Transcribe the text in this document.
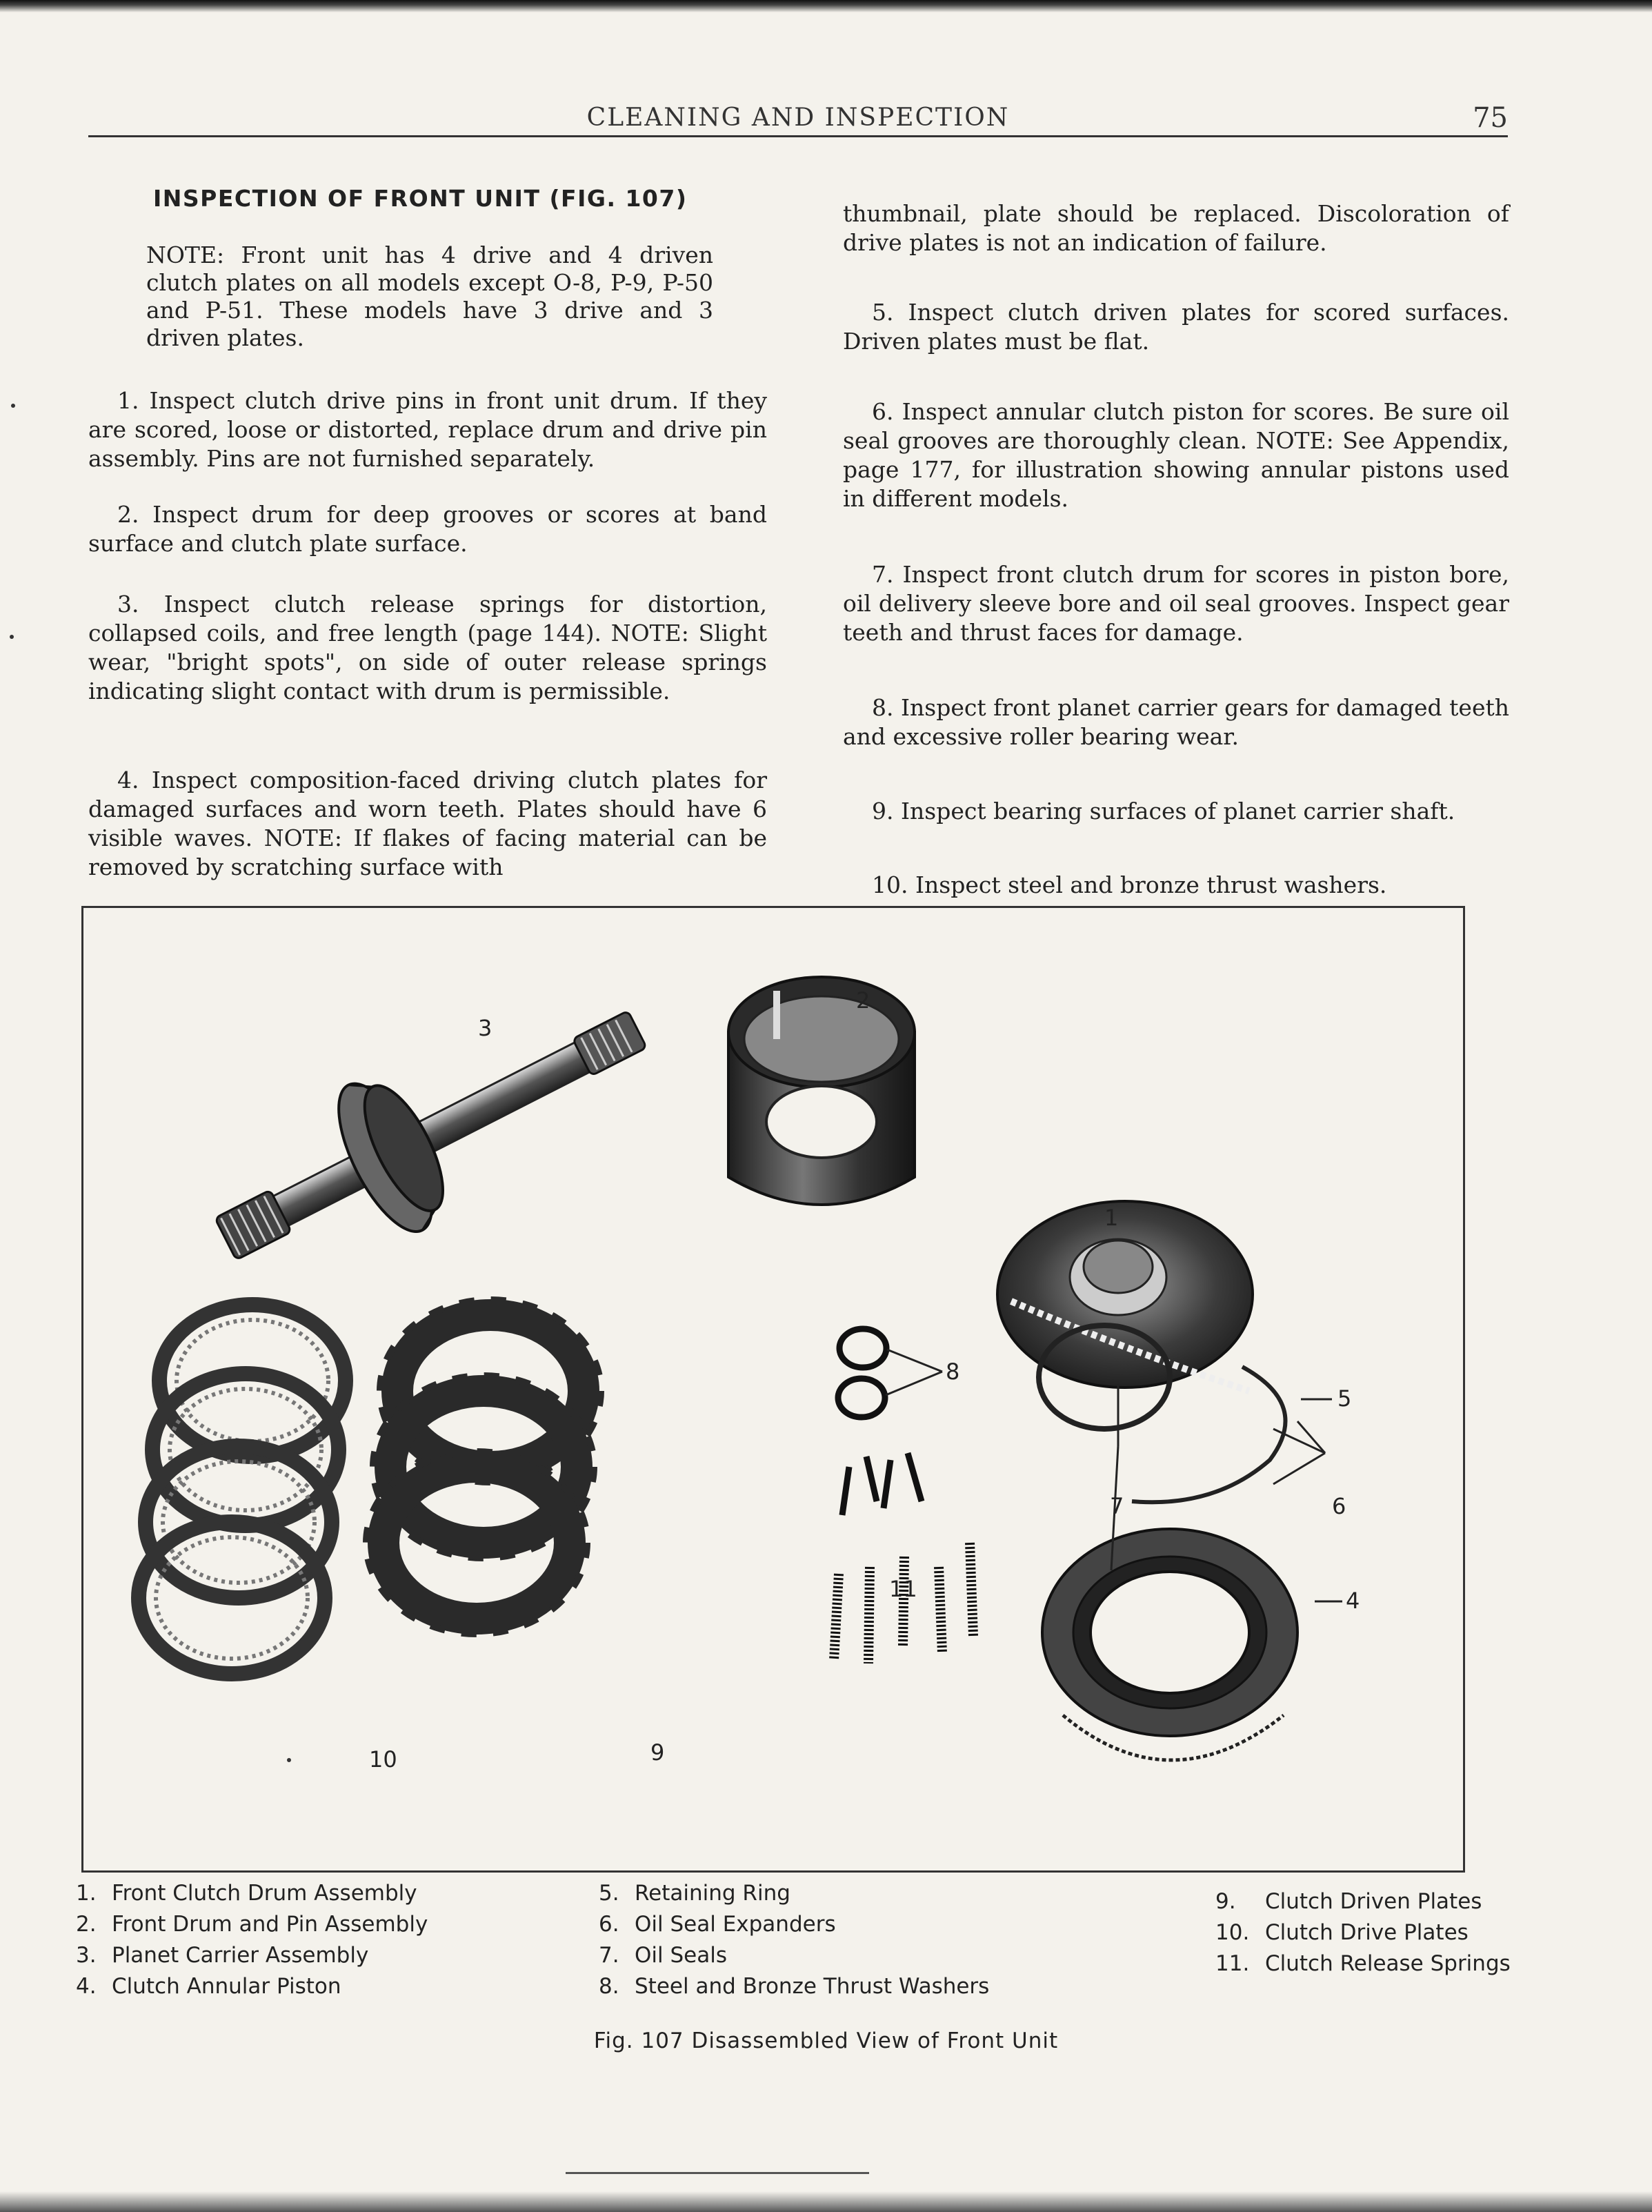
CLEANING AND INSPECTION	75
INSPECTION OF FRONT UNIT (FIG. 107)
NOTE: Front unit has 4 drive and 4 driven clutch plates on all models except O-8, P-9, P-50 and P-51. These models have 3 drive and 3 driven plates.

1. Inspect clutch drive pins in front unit drum. If they are scored, loose or distorted, replace drum and drive pin assembly. Pins are not furnished separately.

2. Inspect drum for deep grooves or scores at band surface and clutch plate surface.

3. Inspect clutch release springs for distortion, collapsed coils, and free length (page 144). NOTE: Slight wear, "bright spots", on side of outer release springs indicating slight contact with drum is permissible.

4. Inspect composition-faced driving clutch plates for damaged surfaces and worn teeth. Plates should have 6 visible waves. NOTE: If flakes of facing material can be removed by scratching surface with

thumbnail, plate should be replaced. Discoloration of drive plates is not an indication of failure.

5. Inspect clutch driven plates for scored surfaces. Driven plates must be flat.

6. Inspect annular clutch piston for scores. Be sure oil seal grooves are thoroughly clean. NOTE: See Appendix, page 177, for illustration showing annular pistons used in different models.

7. Inspect front clutch drum for scores in piston bore, oil delivery sleeve bore and oil seal grooves. Inspect gear teeth and thrust faces for damage.

8. Inspect front planet carrier gears for damaged teeth and excessive roller bearing wear.

9. Inspect bearing surfaces of planet carrier shaft.

10. Inspect steel and bronze thrust washers.

1
2
3
4
5
6
7
8
9
10
11
1. Front Clutch Drum Assembly
2. Front Drum and Pin Assembly
3. Planet Carrier Assembly
4. Clutch Annular Piston
5. Retaining Ring
6. Oil Seal Expanders
7. Oil Seals
8. Steel and Bronze Thrust Washers
9. Clutch Driven Plates
10. Clutch Drive Plates
11. Clutch Release Springs
Fig. 107 Disassembled View of Front Unit
